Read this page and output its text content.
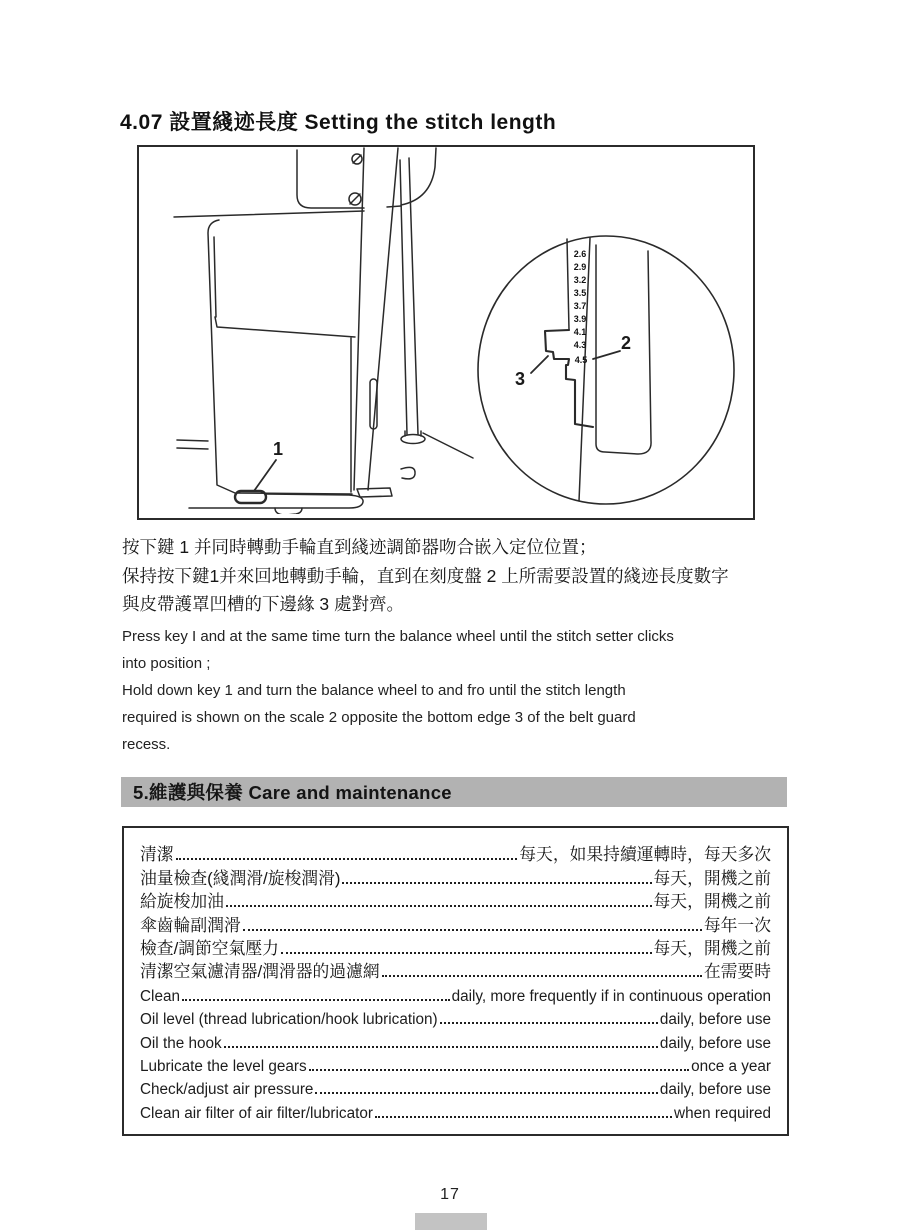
4.07 設置綫迹長度 Setting the stitch length
1
2.6
2.9
3.2
3.5
3.7
3.9
4.1
4.3
4.5
2
3
按下鍵 1 并同時轉動手輪直到綫迹調節器吻合嵌入定位位置；
保持按下鍵1并來回地轉動手輪，直到在刻度盤 2 上所需要設置的綫迹長度數字
與皮帶護罩凹槽的下邊緣 3 處對齊。
Press key I and at the same time turn the balance wheel until the stitch setter clicks
into position ;
Hold down key 1 and turn the balance wheel to and fro until the stitch length
required is shown on the scale 2 opposite the bottom edge 3 of the belt guard
recess.
5.維護與保養 Care and maintenance
清潔	每天，如果持續運轉時，每天多次
油量檢查(綫潤滑/旋梭潤滑)	每天，開機之前
給旋梭加油	每天，開機之前
傘齒輪副潤滑	每年一次
檢查/調節空氣壓力	每天，開機之前
清潔空氣濾清器/潤滑器的過濾網	在需要時
Clean	daily, more frequently if in continuous operation
Oil level (thread lubrication/hook lubrication)	daily, before use
Oil the hook	daily, before use
Lubricate the level gears	once a year
Check/adjust air pressure	daily, before use
Clean air filter of air filter/lubricator	when required
17
